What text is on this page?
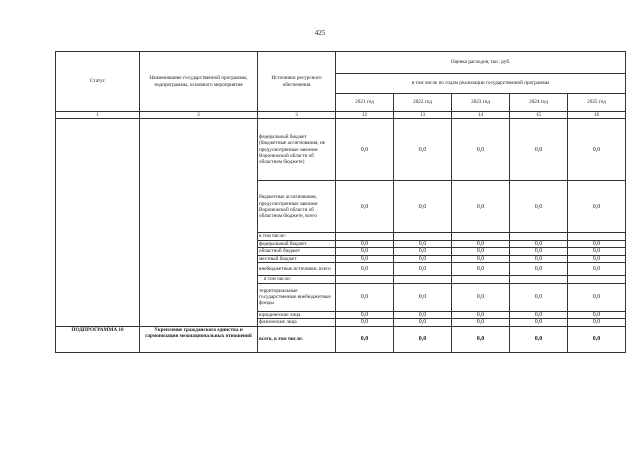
425
Статус	Наименование государственной программы, подпрограммы, основного мероприятия	Источники ресурсного обеспечения	Оценка расходов, тыс. руб.				
			в том числе по годам реализации государственной программы				
			2021 год	2022 год	2023 год	2024 год	2025 год
1	2	3	12	13	14	15	16
		федеральный бюджет (бюджетные ассигнования, не предусмотренные законом Воронежской области об областном бюджете)	0,0	0,0	0,0	0,0	0,0
		бюджетные ассигнования, предусмотренные законом Воронежской области об областном бюджете, всего	0,0	0,0	0,0	0,0	0,0
		в том числе:					
		федеральный бюджет	0,0	0,0	0,0	0,0	0,0
		областной бюджет	0,0	0,0	0,0	0,0	0,0
		местный бюджет	0,0	0,0	0,0	0,0	0,0
		внебюджетные источники, всего	0,0	0,0	0,0	0,0	0,0
		в том числе:					
		территориальные государственные внебюджетные фонды	0,0	0,0	0,0	0,0	0,0
		юридические лица	0,0	0,0	0,0	0,0	0,0
		физические лица	0,0	0,0	0,0	0,0	0,0
ПОДПРОГРАММА 10	Укрепление гражданского единства и гармонизация межнациональных отношений	всего, в том числе:	0,0	0,0	0,0	0,0	0,0
